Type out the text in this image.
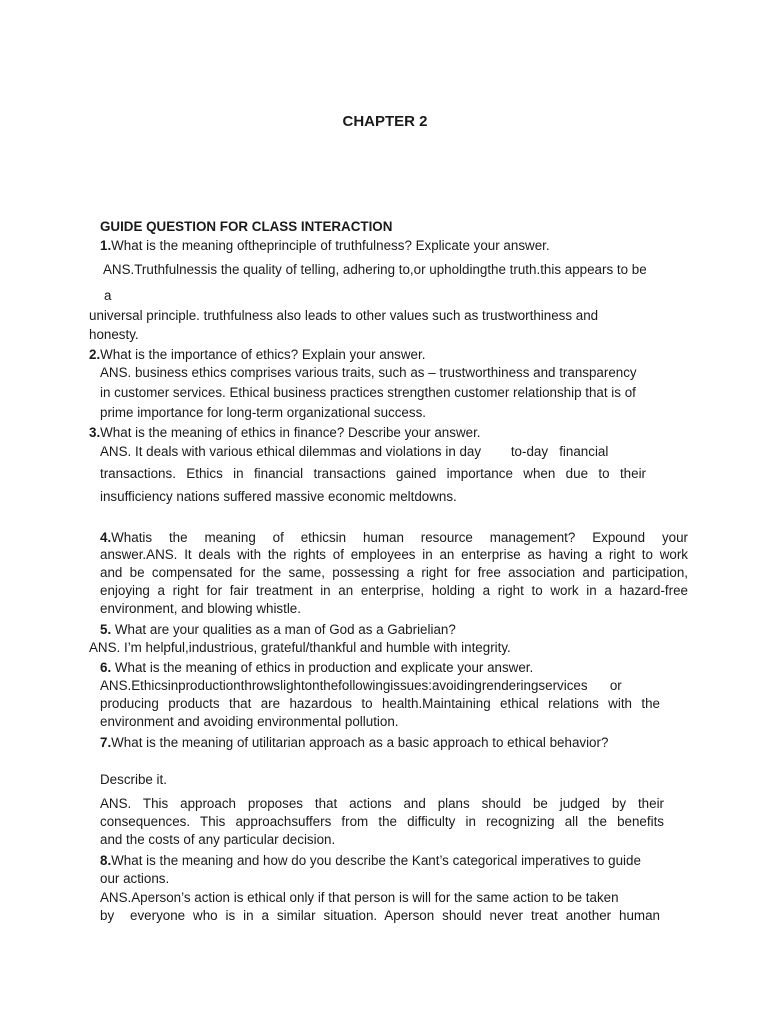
CHAPTER 2
GUIDE QUESTION FOR CLASS INTERACTION
1.What is the meaning oftheprinciple of truthfulness? Explicate your answer.
ANS.Truthfulnessis the quality of telling, adhering to,or upholdingthe truth.this appears to be
a
universal principle. truthfulness also leads to other values such as trustworthiness and
honesty.
2.What is the importance of ethics? Explain your answer.
ANS. business ethics comprises various traits, such as – trustworthiness and transparency
in customer services. Ethical business practices strengthen customer relationship that is of
prime importance for long-term organizational success.
3.What is the meaning of ethics in finance? Describe your answer.
ANS. It deals with various ethical dilemmas and violations in day        to-day   financial
transactions. Ethics in financial transactions gained importance when due to their
insufficiency nations suffered massive economic meltdowns.
4.Whatis the meaning of ethicsin human resource management? Expound your
answer.ANS. It deals with the rights of employees in an enterprise as having a right to work
and be compensated for the same, possessing a right for free association and participation,
enjoying a right for fair treatment in an enterprise, holding a right to work in a hazard-free
environment, and blowing whistle.
5. What are your qualities as a man of God as a Gabrielian?
ANS. I’m helpful,industrious, grateful/thankful and humble with integrity.
6. What is the meaning of ethics in production and explicate your answer.
ANS.Ethicsinproductionthrowslightonthefollowingissues:avoidingrenderingservices      or
producing products that are hazardous to health.Maintaining ethical relations with the
environment and avoiding environmental pollution.
7.What is the meaning of utilitarian approach as a basic approach to ethical behavior?
Describe it.
ANS. This approach proposes that actions and plans should be judged by their
consequences. This approachsuffers from the difficulty in recognizing all the benefits
and the costs of any particular decision.
8.What is the meaning and how do you describe the Kant’s categorical imperatives to guide
our actions.
ANS.Aperson’s action is ethical only if that person is will for the same action to be taken
by  everyone who is in a similar situation. Aperson should never treat another human
